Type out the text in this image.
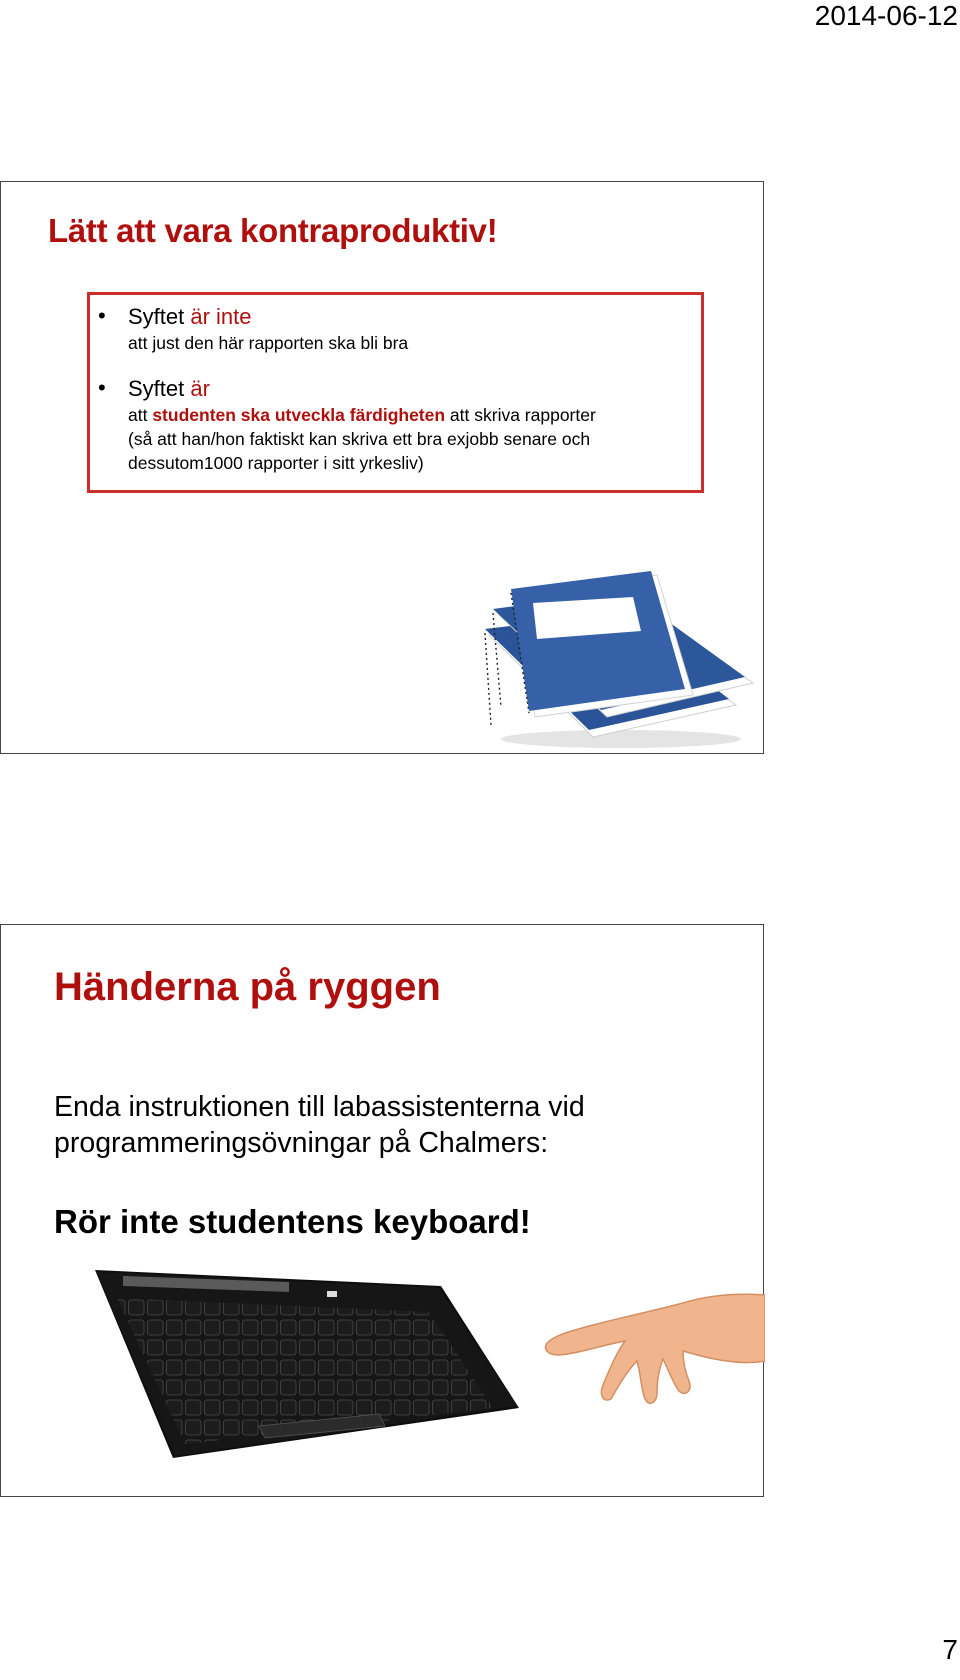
2014-06-12
Lätt att vara kontraproduktiv!
• Syftet är inte
att just den här rapporten ska bli bra
• Syftet är
att studenten ska utveckla färdigheten att skriva rapporter
(så att han/hon faktiskt kan skriva ett bra exjobb senare och
dessutom1000 rapporter i sitt yrkesliv)
Händerna på ryggen
Enda instruktionen till labassistenterna vid
programmeringsövningar på Chalmers:
Rör inte studentens keyboard!
7
